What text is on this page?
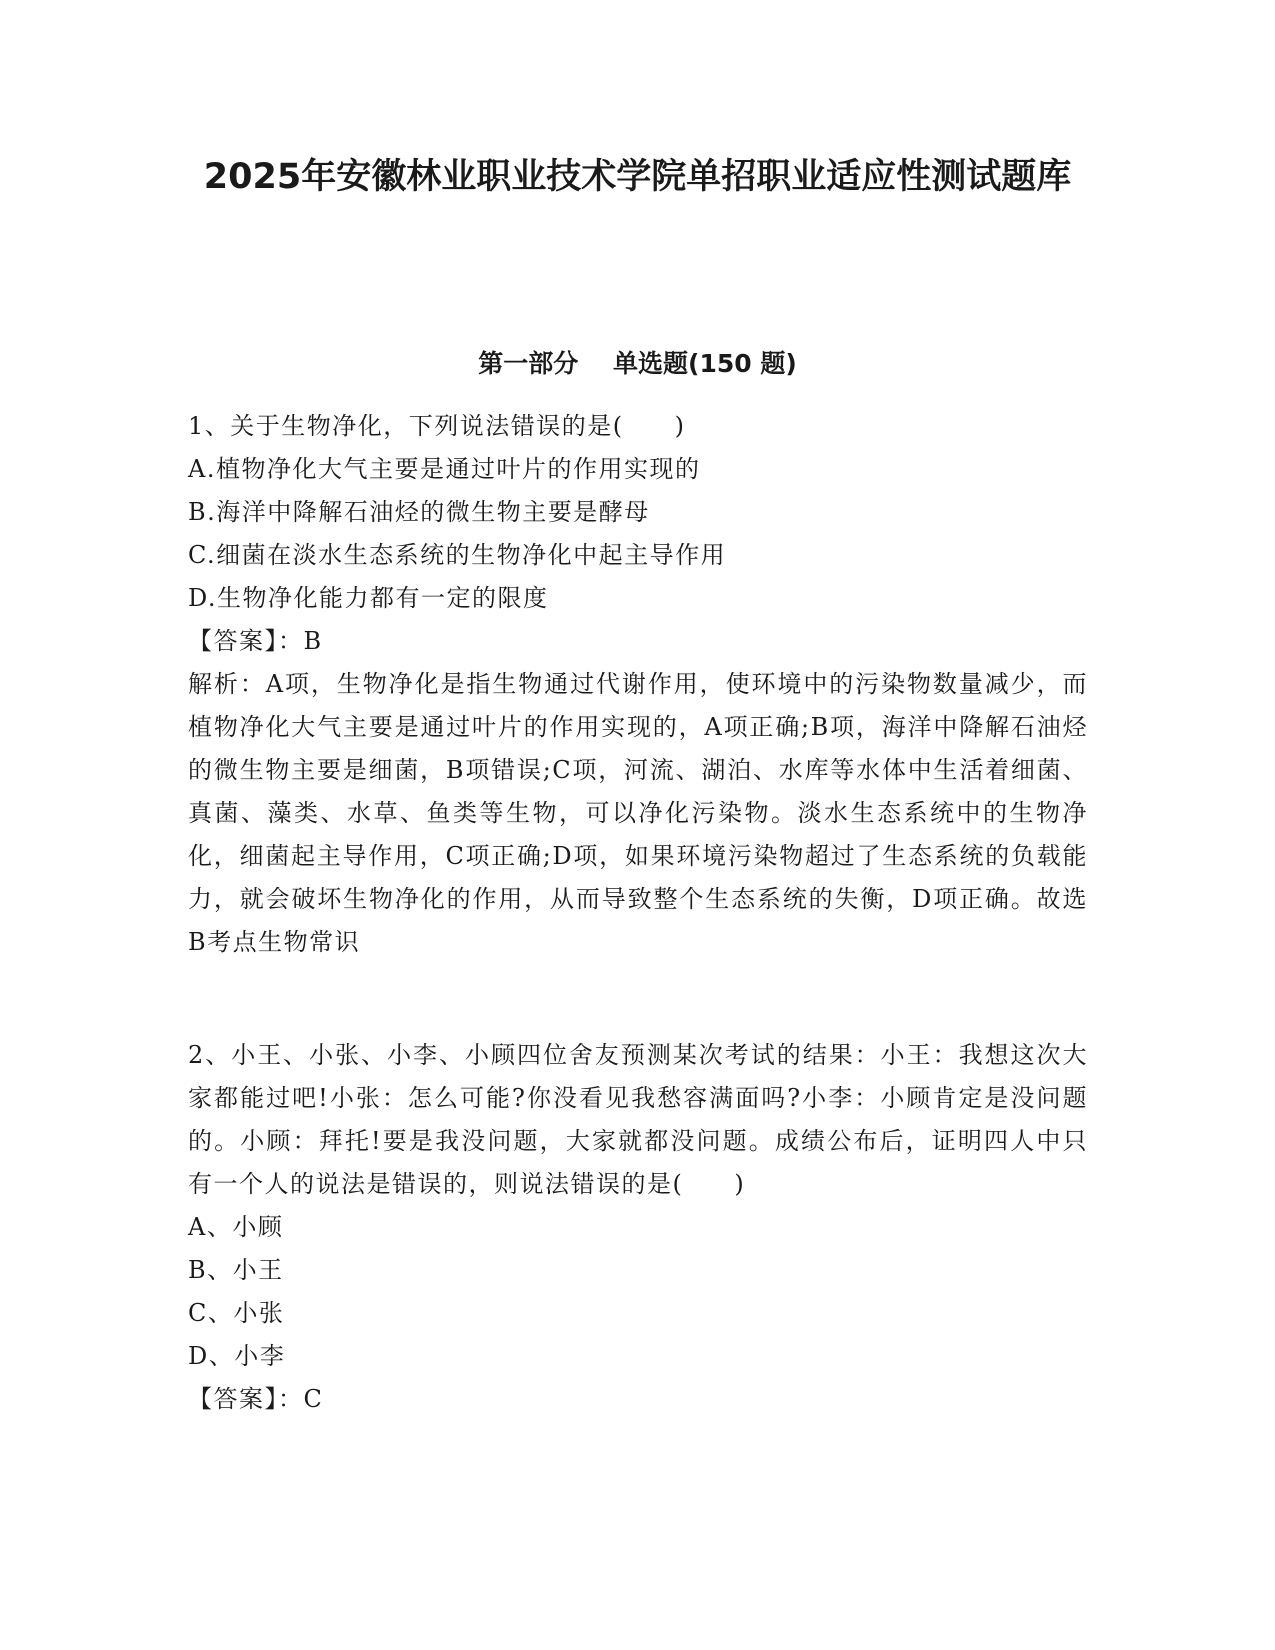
2025年安徽林业职业技术学院单招职业适应性测试题库
第一部分    单选题(150 题)
1、关于生物净化，下列说法错误的是(　　)
A.植物净化大气主要是通过叶片的作用实现的
B.海洋中降解石油烃的微生物主要是酵母
C.细菌在淡水生态系统的生物净化中起主导作用
D.生物净化能力都有一定的限度
【答案】：B
解析：A项，生物净化是指生物通过代谢作用，使环境中的污染物数量减少，而植物净化大气主要是通过叶片的作用实现的，A项正确;B项，海洋中降解石油烃的微生物主要是细菌，B项错误;C项，河流、湖泊、水库等水体中生活着细菌、真菌、藻类、水草、鱼类等生物，可以净化污染物。淡水生态系统中的生物净化，细菌起主导作用，C项正确;D项，如果环境污染物超过了生态系统的负载能力，就会破坏生物净化的作用，从而导致整个生态系统的失衡，D项正确。故选B考点生物常识
2、小王、小张、小李、小顾四位舍友预测某次考试的结果：小王：我想这次大家都能过吧!小张：怎么可能?你没看见我愁容满面吗?小李：小顾肯定是没问题的。小顾：拜托!要是我没问题，大家就都没问题。成绩公布后，证明四人中只有一个人的说法是错误的，则说法错误的是(　　)
A、小顾
B、小王
C、小张
D、小李
【答案】：C
